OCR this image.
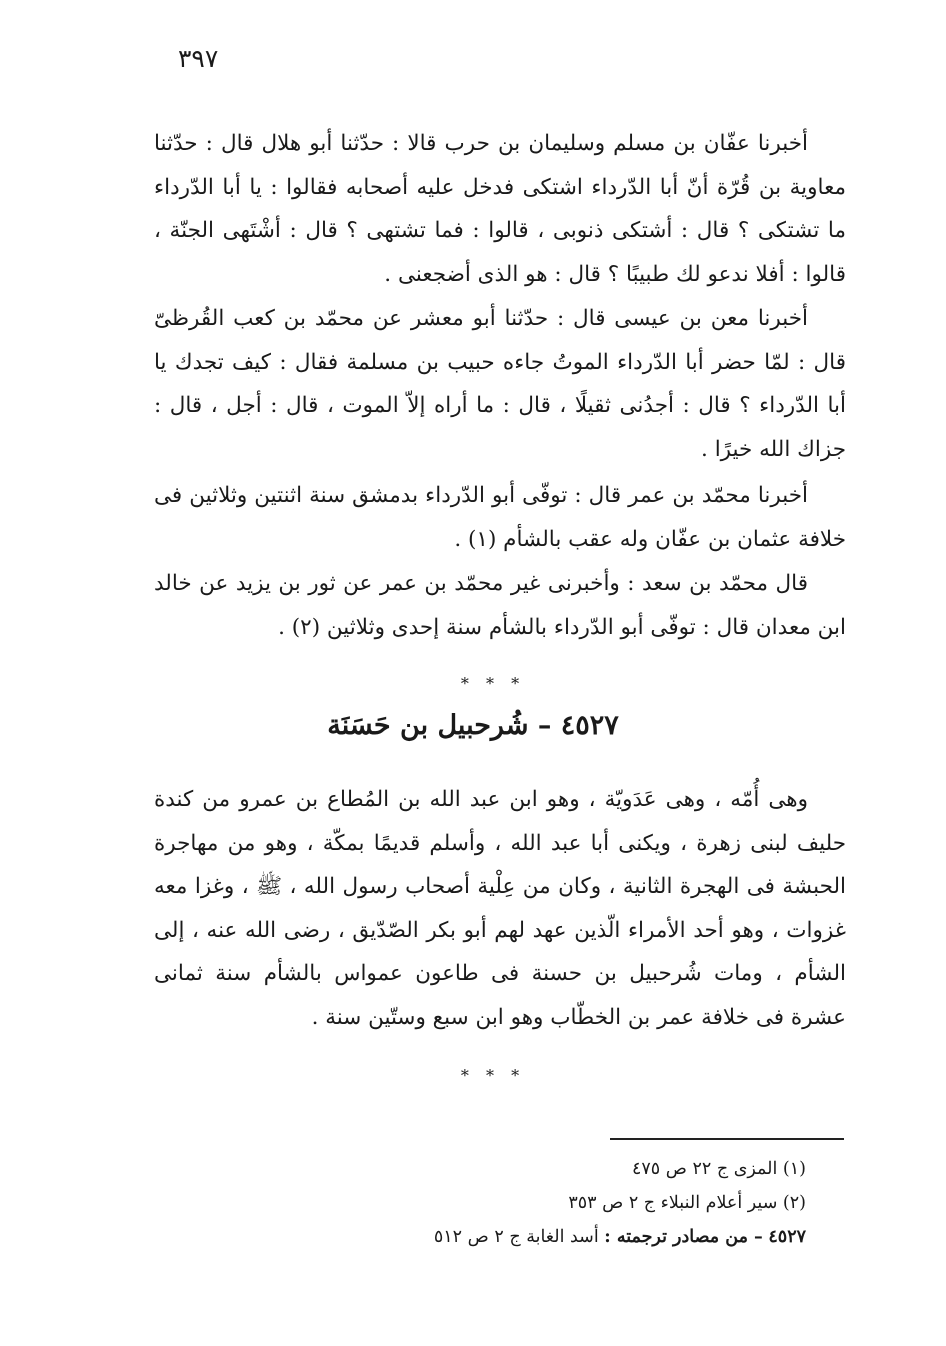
٣٩٧

أخبرنا عفّان بن مسلم وسليمان بن حرب قالا : حدّثنا أبو هلال قال : حدّثنا معاوية بن قُرّة أنّ أبا الدّرداء اشتكى فدخل عليه أصحابه فقالوا : يا أبا الدّرداء ما تشتكى ؟ قال : أشتكى ذنوبى ، قالوا : فما تشتهى ؟ قال : أشْتَهى الجنّة ، قالوا : أفلا ندعو لك طبيبًا ؟ قال : هو الذى أضجعنى .

أخبرنا معن بن عيسى قال : حدّثنا أبو معشر عن محمّد بن كعب القُرظىّ قال : لمّا حضر أبا الدّرداء الموتُ جاءه حبيب بن مسلمة فقال : كيف تجدك يا أبا الدّرداء ؟ قال : أجدُنى ثقيلًا ، قال : ما أراه إلاّ الموت ، قال : أجل ، قال : جزاك الله خيرًا .

أخبرنا محمّد بن عمر قال : توفّى أبو الدّرداء بدمشق سنة اثنتين وثلاثين فى خلافة عثمان بن عفّان وله عقب بالشأم (١) .

قال محمّد بن سعد : وأخبرنى غير محمّد بن عمر عن ثور بن يزيد عن خالد ابن معدان قال : توفّى أبو الدّرداء بالشأم سنة إحدى وثلاثين (٢) .

* * *
٤٥٢٧ – شُرحبيل بن حَسَنَة

وهى أُمّه ، وهى عَدَويّة ، وهو ابن عبد الله بن المُطاع بن عمرو من كندة حليف لبنى زهرة ، ويكنى أبا عبد الله ، وأسلم قديمًا بمكّة ، وهو من مهاجرة الحبشة فى الهجرة الثانية ، وكان من عِلْية أصحاب رسول الله ، ﷺ ، وغزا معه غزوات ، وهو أحد الأمراء الّذين عهد لهم أبو بكر الصّدّيق ، رضى الله عنه ، إلى الشأم ، ومات شُرحبيل بن حسنة فى طاعون عمواس بالشأم سنة ثمانى عشرة فى خلافة عمر بن الخطّاب وهو ابن سبع وستّين سنة .

* * *

(١) المزى ج ٢٢ ص ٤٧٥

(٢) سير أعلام النبلاء ج ٢ ص ٣٥٣

٤٥٢٧ – من مصادر ترجمته : أسد الغابة ج ٢ ص ٥١٢
